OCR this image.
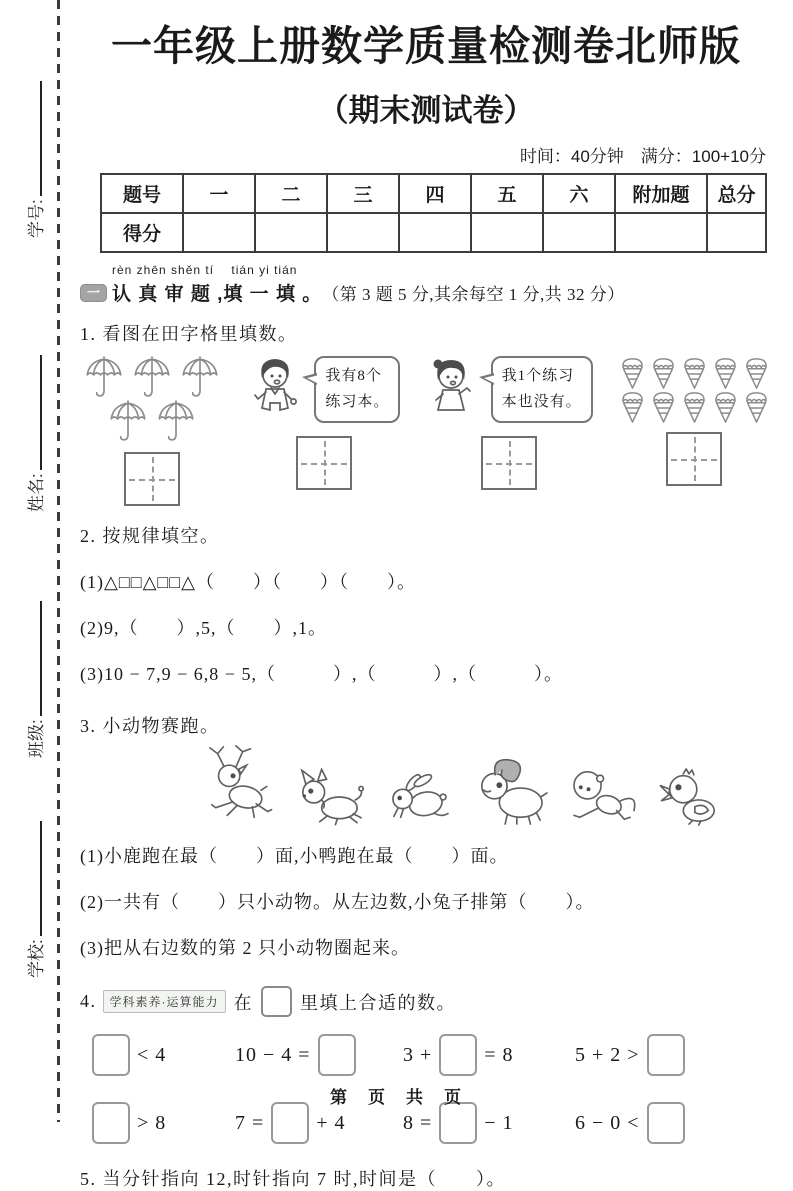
学号:
姓名:
班级:
学校:
一年级上册数学质量检测卷北师版
（期末测试卷）
时间：40分钟　满分：100+10分
题号	一	二	三	四	五	六	附加题	总分
得分								
rèn zhēn shěn tí　 tián yi tián
一 认 真 审 题 ,填 一 填 。 （第 3 题 5 分,其余每空 1 分,共 32 分）
1. 看图在田字格里填数。
我有8个
练习本。
我1个练习
本也没有。
2. 按规律填空。
(1)△□□△□□△（　　）（　　）（　　）。
(2)9,（　　）,5,（　　）,1。
(3)10 − 7,9 − 6,8 − 5,（　　　）,（　　　）,（　　　）。
3. 小动物赛跑。
(1)小鹿跑在最（　　）面,小鸭跑在最（　　）面。
(2)一共有（　　）只小动物。从左边数,小兔子排第（　　）。
(3)把从右边数的第 2 只小动物圈起来。
4.	学科素养·运算能力 在	里填上合适的数。
< 4	10 − 4 =	3 +	= 8	5 + 2 >
> 8	7 =	+ 4	8 =	− 1	6 − 0 <
5. 当分针指向 12,时针指向 7 时,时间是（　　）。
第　页　共　页
